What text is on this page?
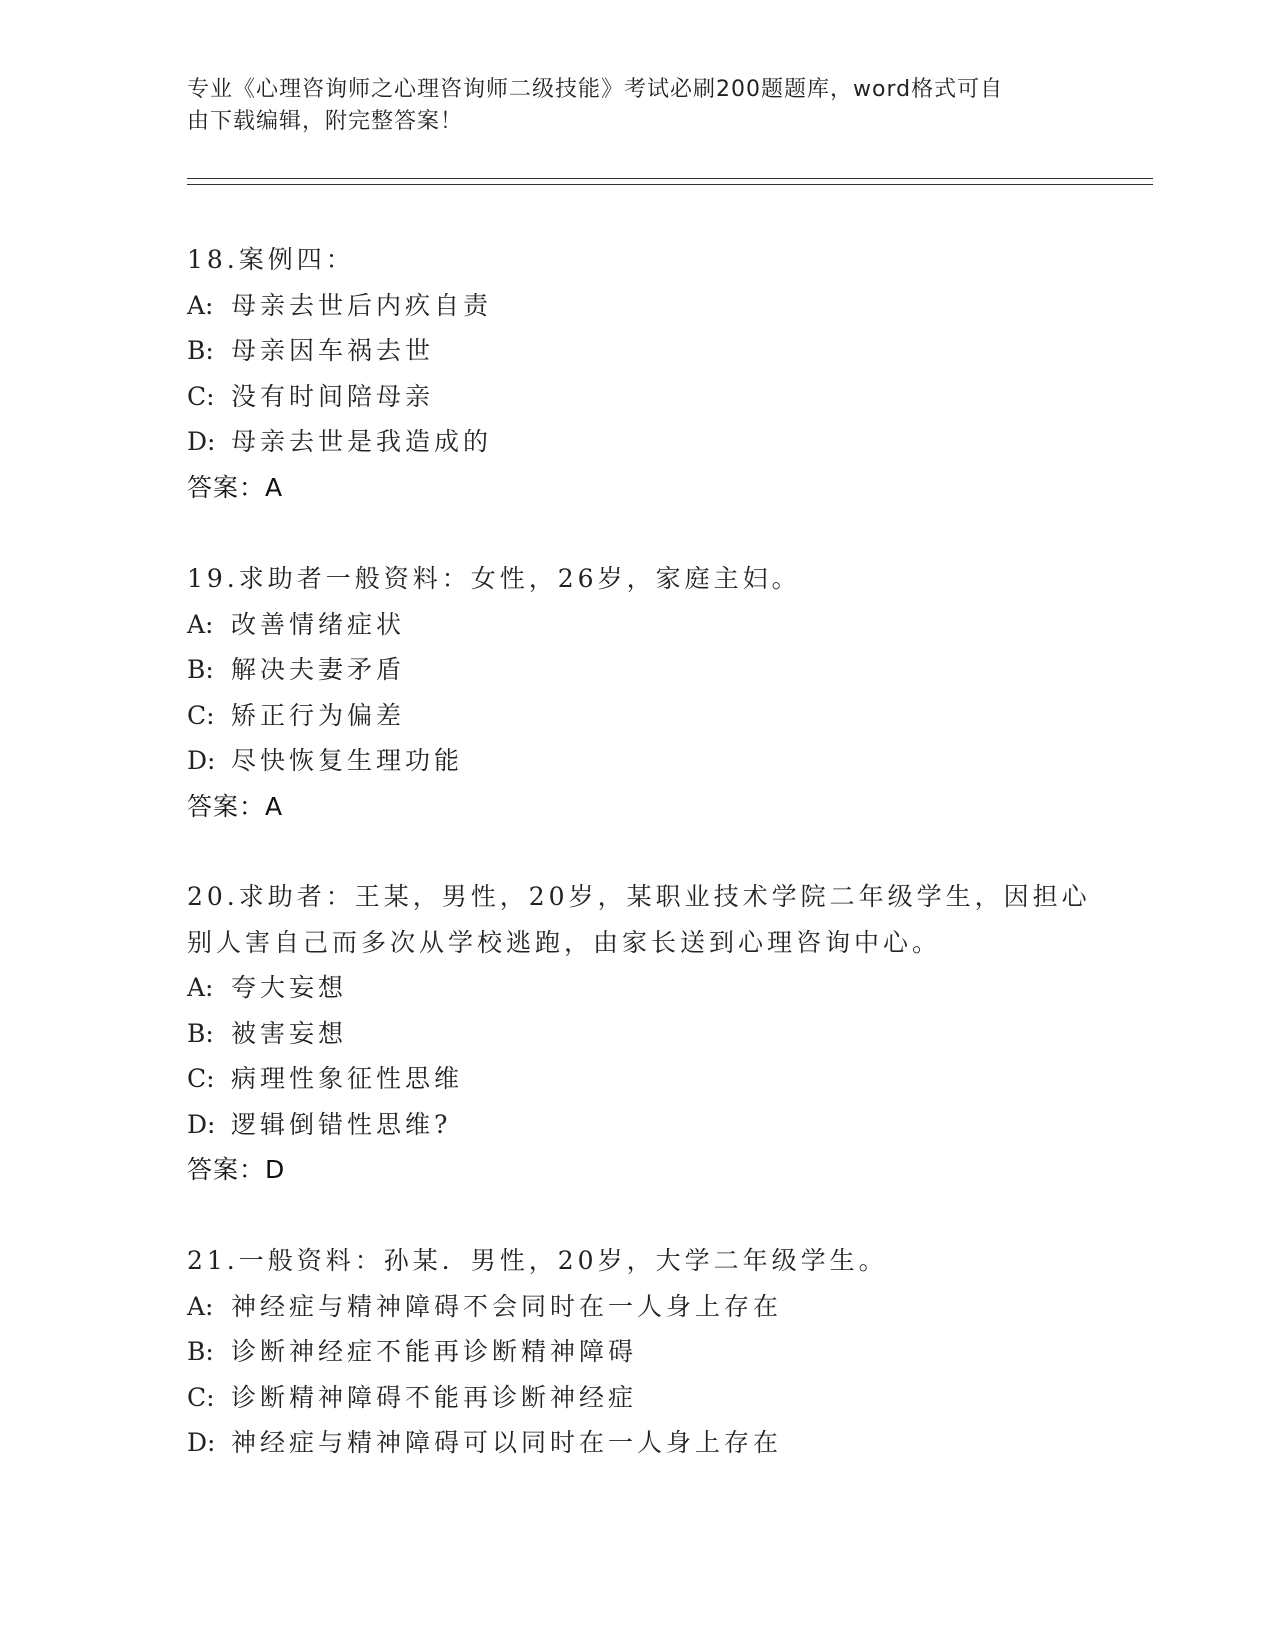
专业《心理咨询师之心理咨询师二级技能》考试必刷200题题库，word格式可自
由下载编辑，附完整答案！
18.案例四：
A: 母亲去世后内疚自责
B: 母亲因车祸去世
C: 没有时间陪母亲
D: 母亲去世是我造成的
答案：A
19.求助者一般资料：女性，26岁，家庭主妇。
A: 改善情绪症状
B: 解决夫妻矛盾
C: 矫正行为偏差
D: 尽快恢复生理功能
答案：A
20.求助者：王某，男性，20岁，某职业技术学院二年级学生，因担心
别人害自己而多次从学校逃跑，由家长送到心理咨询中心。
A: 夸大妄想
B: 被害妄想
C: 病理性象征性思维
D: 逻辑倒错性思维?
答案：D
21.一般资料：孙某．男性，20岁，大学二年级学生。
A: 神经症与精神障碍不会同时在一人身上存在
B: 诊断神经症不能再诊断精神障碍
C: 诊断精神障碍不能再诊断神经症
D: 神经症与精神障碍可以同时在一人身上存在
